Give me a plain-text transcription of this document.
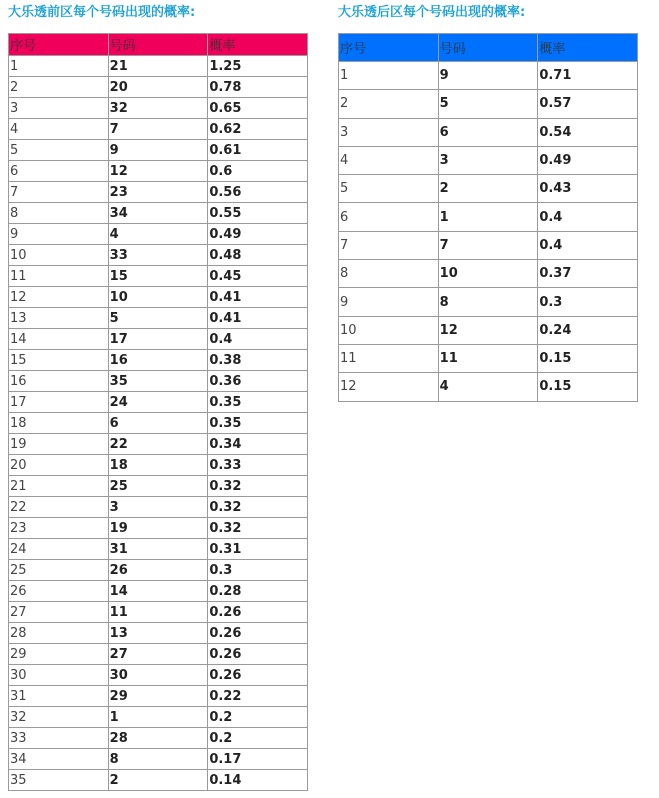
大乐透前区每个号码出现的概率:
序号	号码	概率
1	21	1.25
2	20	0.78
3	32	0.65
4	7	0.62
5	9	0.61
6	12	0.6
7	23	0.56
8	34	0.55
9	4	0.49
10	33	0.48
11	15	0.45
12	10	0.41
13	5	0.41
14	17	0.4
15	16	0.38
16	35	0.36
17	24	0.35
18	6	0.35
19	22	0.34
20	18	0.33
21	25	0.32
22	3	0.32
23	19	0.32
24	31	0.31
25	26	0.3
26	14	0.28
27	11	0.26
28	13	0.26
29	27	0.26
30	30	0.26
31	29	0.22
32	1	0.2
33	28	0.2
34	8	0.17
35	2	0.14
大乐透后区每个号码出现的概率:
序号	号码	概率
1	9	0.71
2	5	0.57
3	6	0.54
4	3	0.49
5	2	0.43
6	1	0.4
7	7	0.4
8	10	0.37
9	8	0.3
10	12	0.24
11	11	0.15
12	4	0.15
